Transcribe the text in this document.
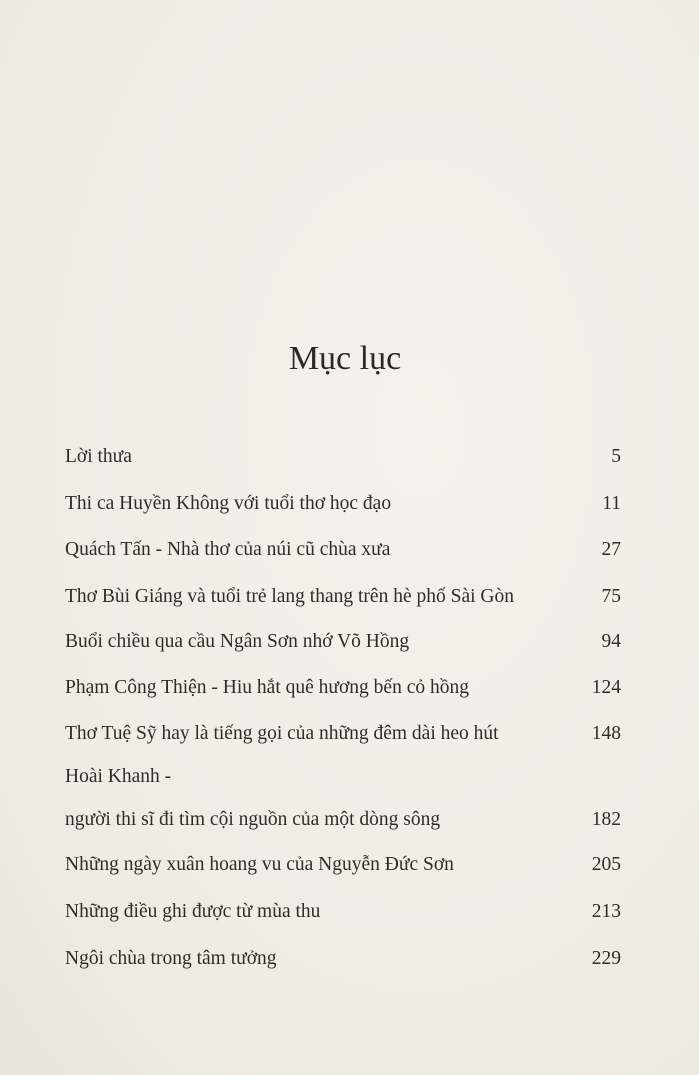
Mục lục
Lời thưa	5
Thi ca Huyền Không với tuổi thơ học đạo	11
Quách Tấn - Nhà thơ của núi cũ chùa xưa	27
Thơ Bùi Giáng và tuổi trẻ lang thang trên hè phố Sài Gòn	75
Buổi chiều qua cầu Ngân Sơn nhớ Võ Hồng	94
Phạm Công Thiện - Hiu hắt quê hương bến cỏ hồng	124
Thơ Tuệ Sỹ hay là tiếng gọi của những đêm dài heo hút	148
Hoài Khanh -
người thi sĩ đi tìm cội nguồn của một dòng sông	182
Những ngày xuân hoang vu của Nguyễn Đức Sơn	205
Những điều ghi được từ mùa thu	213
Ngôi chùa trong tâm tưởng	229
